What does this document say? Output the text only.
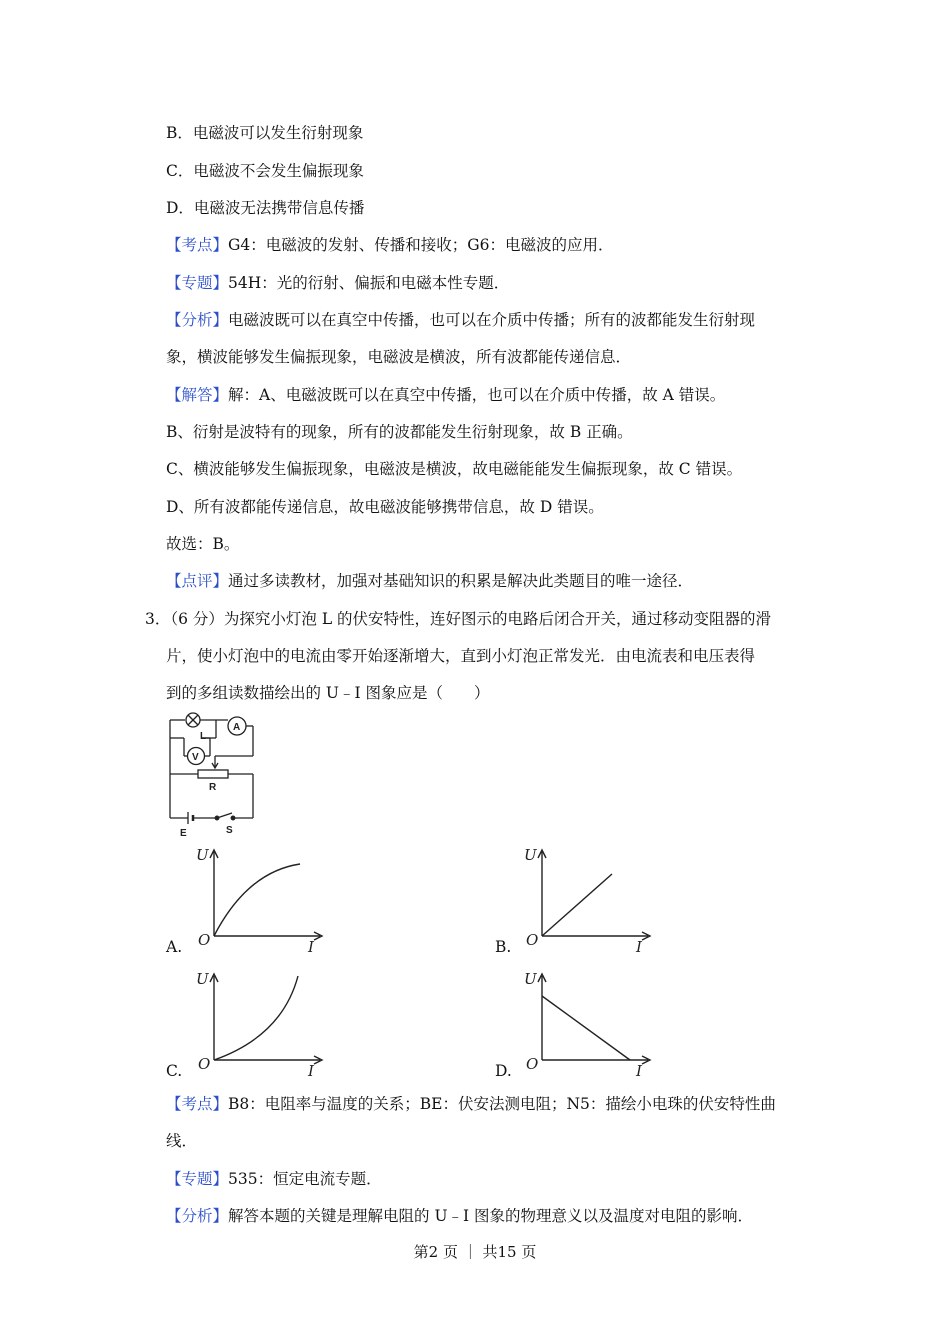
B．电磁波可以发生衍射现象
C．电磁波不会发生偏振现象
D．电磁波无法携带信息传播
【考点】G4：电磁波的发射、传播和接收；G6：电磁波的应用．
【专题】54H：光的衍射、偏振和电磁本性专题．
【分析】电磁波既可以在真空中传播，也可以在介质中传播；所有的波都能发生衍射现
象，横波能够发生偏振现象，电磁波是横波，所有波都能传递信息．
【解答】解：A、电磁波既可以在真空中传播，也可以在介质中传播，故 A 错误。
B、衍射是波特有的现象，所有的波都能发生衍射现象，故 B 正确。
C、横波能够发生偏振现象，电磁波是横波，故电磁能能发生偏振现象，故 C 错误。
D、所有波都能传递信息，故电磁波能够携带信息，故 D 错误。
故选：B。
【点评】通过多读教材，加强对基础知识的积累是解决此类题目的唯一途径．
3．（6 分）为探究小灯泡 L 的伏安特性，连好图示的电路后闭合开关，通过移动变阻器的滑
片，使小灯泡中的电流由零开始逐渐增大，直到小灯泡正常发光．由电流表和电压表得
到的多组读数描绘出的 U﹣I 图象应是（　　）
L
A
V
R
E	S
A.
U
O	I	B.
U
O	I
C.
U
O	I	D.
U
O	I
【考点】B8：电阻率与温度的关系；BE：伏安法测电阻；N5：描绘小电珠的伏安特性曲
线．
【专题】535：恒定电流专题．
【分析】解答本题的关键是理解电阻的 U﹣I 图象的物理意义以及温度对电阻的影响．
第2 页 ｜ 共15 页
